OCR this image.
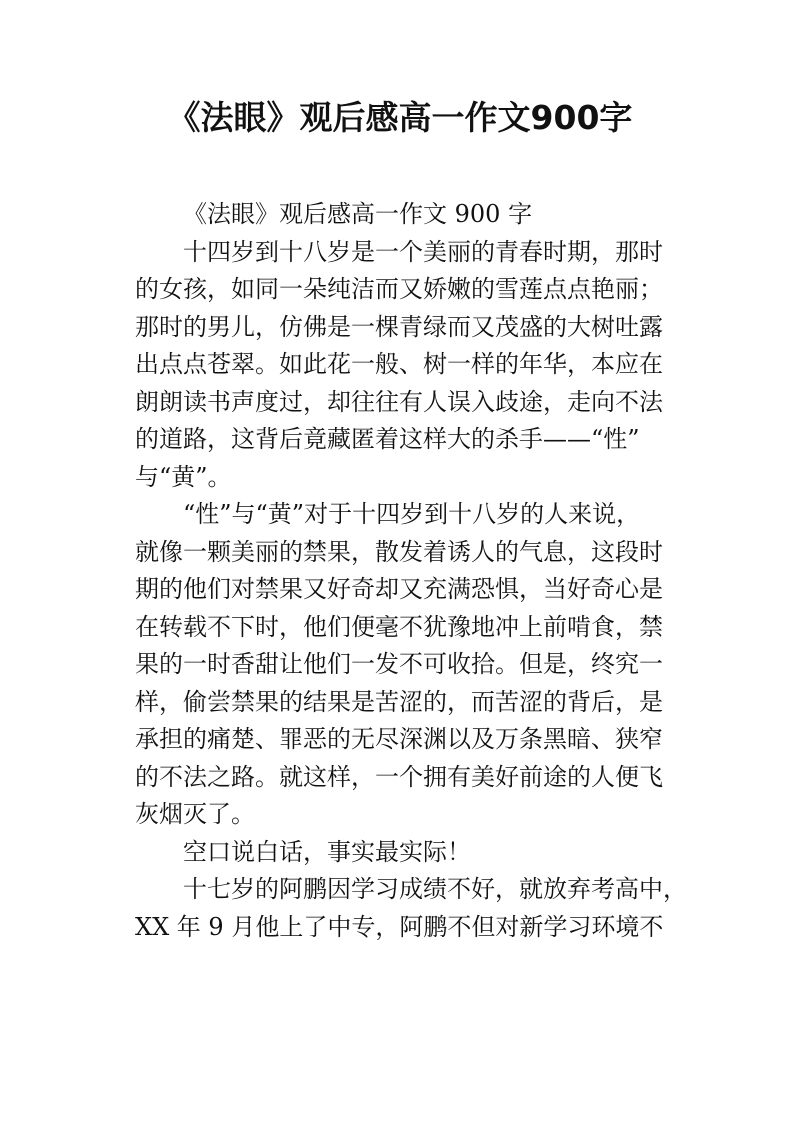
《法眼》观后感高一作文900字
《法眼》观后感高一作文 900 字
十四岁到十八岁是一个美丽的青春时期，那时
的女孩，如同一朵纯洁而又娇嫩的雪莲点点艳丽；
那时的男儿，仿佛是一棵青绿而又茂盛的大树吐露
出点点苍翠。如此花一般、树一样的年华，本应在
朗朗读书声度过，却往往有人误入歧途，走向不法
的道路，这背后竟藏匿着这样大的杀手——“性”
与“黄”。
“性”与“黄”对于十四岁到十八岁的人来说，
就像一颗美丽的禁果，散发着诱人的气息，这段时
期的他们对禁果又好奇却又充满恐惧，当好奇心是
在转载不下时，他们便毫不犹豫地冲上前啃食，禁
果的一时香甜让他们一发不可收拾。但是，终究一
样，偷尝禁果的结果是苦涩的，而苦涩的背后，是
承担的痛楚、罪恶的无尽深渊以及万条黑暗、狭窄
的不法之路。就这样，一个拥有美好前途的人便飞
灰烟灭了。
空口说白话，事实最实际！
十七岁的阿鹏因学习成绩不好，就放弃考高中，
XX 年 9 月他上了中专，阿鹏不但对新学习环境不
